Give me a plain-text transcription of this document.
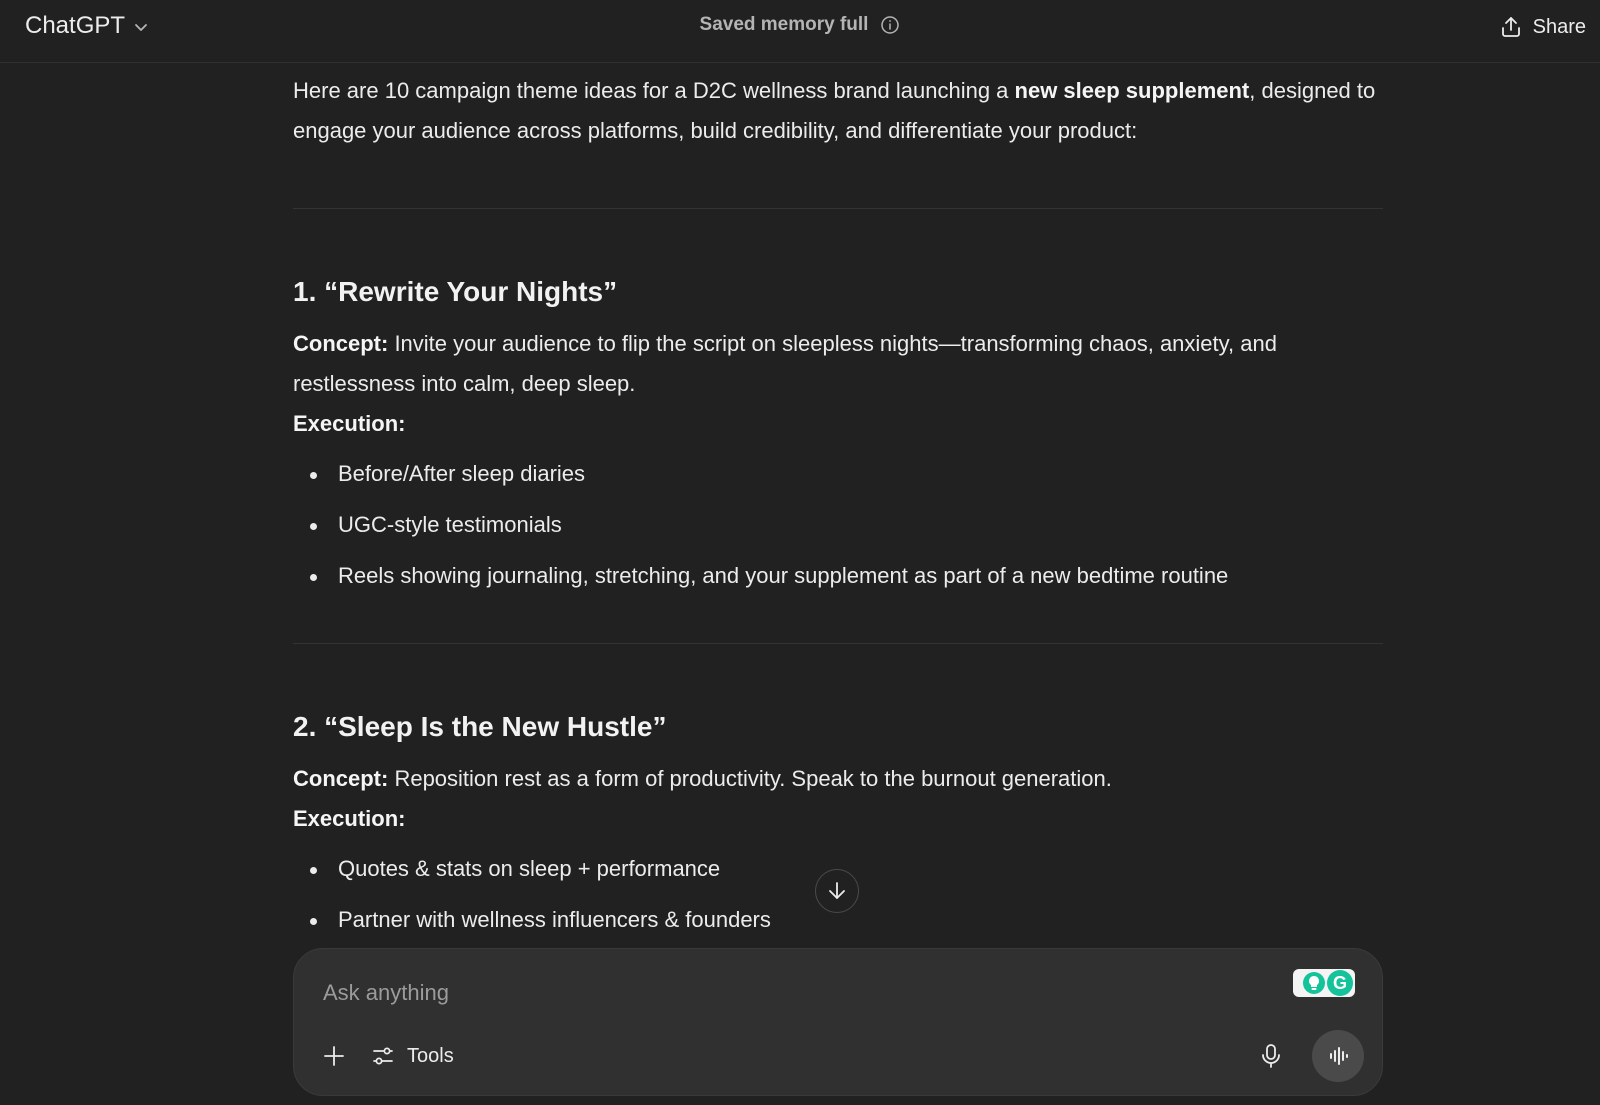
ChatGPT	Saved memory full	Share

Here are 10 campaign theme ideas for a D2C wellness brand launching a new sleep supplement, designed to engage your audience across platforms, build credibility, and differentiate your product:

1. “Rewrite Your Nights”

Concept: Invite your audience to flip the script on sleepless nights—transforming chaos, anxiety, and restlessness into calm, deep sleep.

Execution:

Before/After sleep diaries
UGC-style testimonials
Reels showing journaling, stretching, and your supplement as part of a new bedtime routine
2. “Sleep Is the New Hustle”

Concept: Reposition rest as a form of productivity. Speak to the burnout generation.

Execution:

Quotes & stats on sleep + performance
Partner with wellness influencers & founders
Ask anything
G
Tools
